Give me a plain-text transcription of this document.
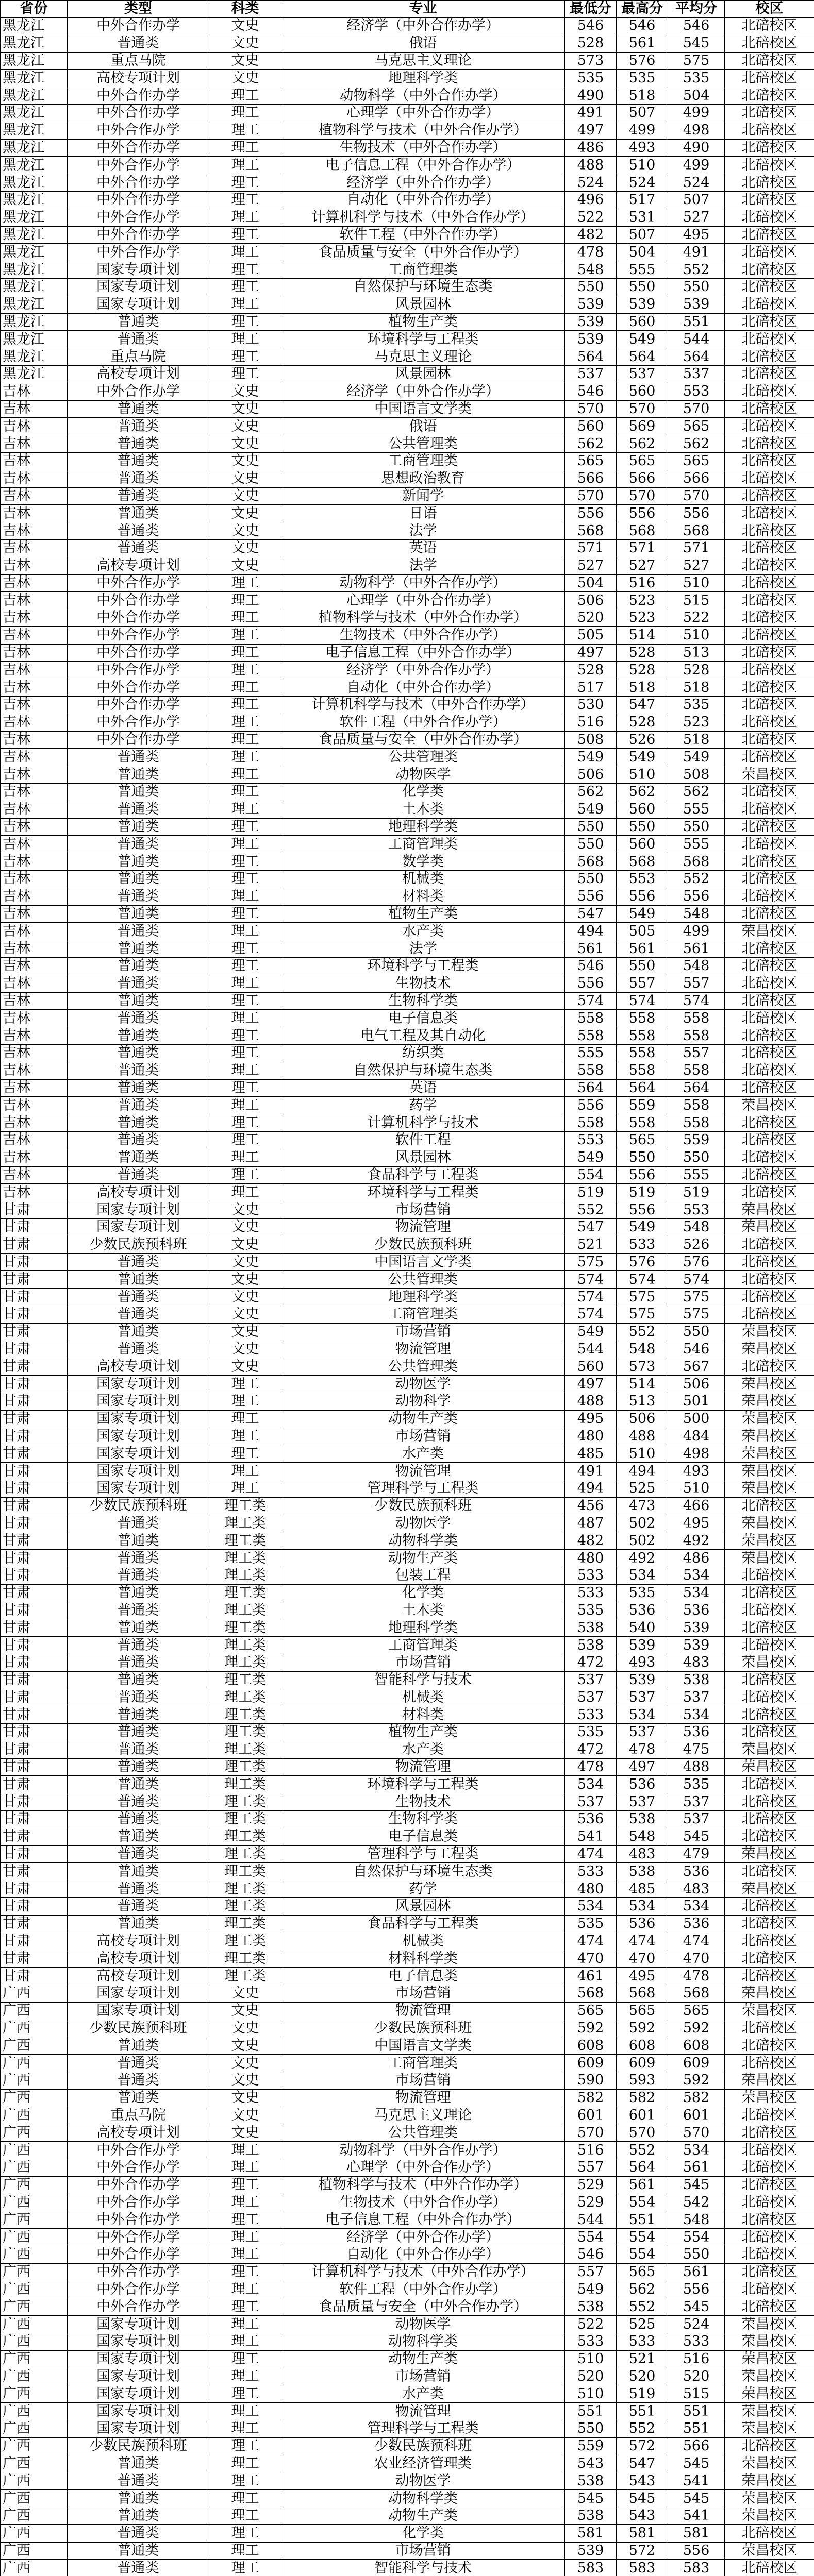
省份	类型	科类	专业	最低分	最高分	平均分	校区
黑龙江	中外合作办学	文史	经济学（中外合作办学）	546	546	546	北碚校区
黑龙江	普通类	文史	俄语	528	561	545	北碚校区
黑龙江	重点马院	文史	马克思主义理论	573	576	575	北碚校区
黑龙江	高校专项计划	文史	地理科学类	535	535	535	北碚校区
黑龙江	中外合作办学	理工	动物科学（中外合作办学）	490	518	504	北碚校区
黑龙江	中外合作办学	理工	心理学（中外合作办学）	491	507	499	北碚校区
黑龙江	中外合作办学	理工	植物科学与技术（中外合作办学）	497	499	498	北碚校区
黑龙江	中外合作办学	理工	生物技术（中外合作办学）	486	493	490	北碚校区
黑龙江	中外合作办学	理工	电子信息工程（中外合作办学）	488	510	499	北碚校区
黑龙江	中外合作办学	理工	经济学（中外合作办学）	524	524	524	北碚校区
黑龙江	中外合作办学	理工	自动化（中外合作办学）	496	517	507	北碚校区
黑龙江	中外合作办学	理工	计算机科学与技术（中外合作办学）	522	531	527	北碚校区
黑龙江	中外合作办学	理工	软件工程（中外合作办学）	482	507	495	北碚校区
黑龙江	中外合作办学	理工	食品质量与安全（中外合作办学）	478	504	491	北碚校区
黑龙江	国家专项计划	理工	工商管理类	548	555	552	北碚校区
黑龙江	国家专项计划	理工	自然保护与环境生态类	550	550	550	北碚校区
黑龙江	国家专项计划	理工	风景园林	539	539	539	北碚校区
黑龙江	普通类	理工	植物生产类	539	560	551	北碚校区
黑龙江	普通类	理工	环境科学与工程类	539	549	544	北碚校区
黑龙江	重点马院	理工	马克思主义理论	564	564	564	北碚校区
黑龙江	高校专项计划	理工	风景园林	537	537	537	北碚校区
吉林	中外合作办学	文史	经济学（中外合作办学）	546	560	553	北碚校区
吉林	普通类	文史	中国语言文学类	570	570	570	北碚校区
吉林	普通类	文史	俄语	560	569	565	北碚校区
吉林	普通类	文史	公共管理类	562	562	562	北碚校区
吉林	普通类	文史	工商管理类	565	565	565	北碚校区
吉林	普通类	文史	思想政治教育	566	566	566	北碚校区
吉林	普通类	文史	新闻学	570	570	570	北碚校区
吉林	普通类	文史	日语	556	556	556	北碚校区
吉林	普通类	文史	法学	568	568	568	北碚校区
吉林	普通类	文史	英语	571	571	571	北碚校区
吉林	高校专项计划	文史	法学	527	527	527	北碚校区
吉林	中外合作办学	理工	动物科学（中外合作办学）	504	516	510	北碚校区
吉林	中外合作办学	理工	心理学（中外合作办学）	506	523	515	北碚校区
吉林	中外合作办学	理工	植物科学与技术（中外合作办学）	520	523	522	北碚校区
吉林	中外合作办学	理工	生物技术（中外合作办学）	505	514	510	北碚校区
吉林	中外合作办学	理工	电子信息工程（中外合作办学）	497	528	513	北碚校区
吉林	中外合作办学	理工	经济学（中外合作办学）	528	528	528	北碚校区
吉林	中外合作办学	理工	自动化（中外合作办学）	517	518	518	北碚校区
吉林	中外合作办学	理工	计算机科学与技术（中外合作办学）	530	547	535	北碚校区
吉林	中外合作办学	理工	软件工程（中外合作办学）	516	528	523	北碚校区
吉林	中外合作办学	理工	食品质量与安全（中外合作办学）	508	526	518	北碚校区
吉林	普通类	理工	公共管理类	549	549	549	北碚校区
吉林	普通类	理工	动物医学	506	510	508	荣昌校区
吉林	普通类	理工	化学类	562	562	562	北碚校区
吉林	普通类	理工	土木类	549	560	555	北碚校区
吉林	普通类	理工	地理科学类	550	550	550	北碚校区
吉林	普通类	理工	工商管理类	550	560	555	北碚校区
吉林	普通类	理工	数学类	568	568	568	北碚校区
吉林	普通类	理工	机械类	550	553	552	北碚校区
吉林	普通类	理工	材料类	556	556	556	北碚校区
吉林	普通类	理工	植物生产类	547	549	548	北碚校区
吉林	普通类	理工	水产类	494	505	499	荣昌校区
吉林	普通类	理工	法学	561	561	561	北碚校区
吉林	普通类	理工	环境科学与工程类	546	550	548	北碚校区
吉林	普通类	理工	生物技术	556	557	557	北碚校区
吉林	普通类	理工	生物科学类	574	574	574	北碚校区
吉林	普通类	理工	电子信息类	558	558	558	北碚校区
吉林	普通类	理工	电气工程及其自动化	558	558	558	北碚校区
吉林	普通类	理工	纺织类	555	558	557	北碚校区
吉林	普通类	理工	自然保护与环境生态类	558	558	558	北碚校区
吉林	普通类	理工	英语	564	564	564	北碚校区
吉林	普通类	理工	药学	556	559	558	荣昌校区
吉林	普通类	理工	计算机科学与技术	558	558	558	北碚校区
吉林	普通类	理工	软件工程	553	565	559	北碚校区
吉林	普通类	理工	风景园林	549	550	550	北碚校区
吉林	普通类	理工	食品科学与工程类	554	556	555	北碚校区
吉林	高校专项计划	理工	环境科学与工程类	519	519	519	北碚校区
甘肃	国家专项计划	文史	市场营销	552	556	553	荣昌校区
甘肃	国家专项计划	文史	物流管理	547	549	548	荣昌校区
甘肃	少数民族预科班	文史	少数民族预科班	521	533	526	北碚校区
甘肃	普通类	文史	中国语言文学类	575	576	576	北碚校区
甘肃	普通类	文史	公共管理类	574	574	574	北碚校区
甘肃	普通类	文史	地理科学类	574	575	575	北碚校区
甘肃	普通类	文史	工商管理类	574	575	575	北碚校区
甘肃	普通类	文史	市场营销	549	552	550	荣昌校区
甘肃	普通类	文史	物流管理	544	548	546	荣昌校区
甘肃	高校专项计划	文史	公共管理类	560	573	567	北碚校区
甘肃	国家专项计划	理工	动物医学	497	514	506	荣昌校区
甘肃	国家专项计划	理工	动物科学	488	513	501	荣昌校区
甘肃	国家专项计划	理工	动物生产类	495	506	500	荣昌校区
甘肃	国家专项计划	理工	市场营销	480	488	484	荣昌校区
甘肃	国家专项计划	理工	水产类	485	510	498	荣昌校区
甘肃	国家专项计划	理工	物流管理	491	494	493	荣昌校区
甘肃	国家专项计划	理工	管理科学与工程类	494	525	510	荣昌校区
甘肃	少数民族预科班	理工类	少数民族预科班	456	473	466	北碚校区
甘肃	普通类	理工类	动物医学	487	502	495	荣昌校区
甘肃	普通类	理工类	动物科学类	482	502	492	荣昌校区
甘肃	普通类	理工类	动物生产类	480	492	486	荣昌校区
甘肃	普通类	理工类	包装工程	533	534	534	北碚校区
甘肃	普通类	理工类	化学类	533	535	534	北碚校区
甘肃	普通类	理工类	土木类	535	536	536	北碚校区
甘肃	普通类	理工类	地理科学类	538	540	539	北碚校区
甘肃	普通类	理工类	工商管理类	538	539	539	北碚校区
甘肃	普通类	理工类	市场营销	472	493	483	荣昌校区
甘肃	普通类	理工类	智能科学与技术	537	539	538	北碚校区
甘肃	普通类	理工类	机械类	537	537	537	北碚校区
甘肃	普通类	理工类	材料类	533	534	534	北碚校区
甘肃	普通类	理工类	植物生产类	535	537	536	北碚校区
甘肃	普通类	理工类	水产类	472	478	475	荣昌校区
甘肃	普通类	理工类	物流管理	478	497	488	荣昌校区
甘肃	普通类	理工类	环境科学与工程类	534	536	535	北碚校区
甘肃	普通类	理工类	生物技术	537	537	537	北碚校区
甘肃	普通类	理工类	生物科学类	536	538	537	北碚校区
甘肃	普通类	理工类	电子信息类	541	548	545	北碚校区
甘肃	普通类	理工类	管理科学与工程类	474	483	479	荣昌校区
甘肃	普通类	理工类	自然保护与环境生态类	533	538	536	北碚校区
甘肃	普通类	理工类	药学	480	485	483	荣昌校区
甘肃	普通类	理工类	风景园林	534	534	534	北碚校区
甘肃	普通类	理工类	食品科学与工程类	535	536	536	北碚校区
甘肃	高校专项计划	理工类	机械类	474	474	474	北碚校区
甘肃	高校专项计划	理工类	材料科学类	470	470	470	北碚校区
甘肃	高校专项计划	理工类	电子信息类	461	495	478	北碚校区
广西	国家专项计划	文史	市场营销	568	568	568	荣昌校区
广西	国家专项计划	文史	物流管理	565	565	565	荣昌校区
广西	少数民族预科班	文史	少数民族预科班	592	592	592	北碚校区
广西	普通类	文史	中国语言文学类	608	608	608	北碚校区
广西	普通类	文史	工商管理类	609	609	609	北碚校区
广西	普通类	文史	市场营销	590	593	592	荣昌校区
广西	普通类	文史	物流管理	582	582	582	荣昌校区
广西	重点马院	文史	马克思主义理论	601	601	601	北碚校区
广西	高校专项计划	文史	公共管理类	570	570	570	北碚校区
广西	中外合作办学	理工	动物科学（中外合作办学）	516	552	534	北碚校区
广西	中外合作办学	理工	心理学（中外合作办学）	557	564	561	北碚校区
广西	中外合作办学	理工	植物科学与技术（中外合作办学）	529	561	545	北碚校区
广西	中外合作办学	理工	生物技术（中外合作办学）	529	554	542	北碚校区
广西	中外合作办学	理工	电子信息工程（中外合作办学）	544	551	548	北碚校区
广西	中外合作办学	理工	经济学（中外合作办学）	554	554	554	北碚校区
广西	中外合作办学	理工	自动化（中外合作办学）	546	554	550	北碚校区
广西	中外合作办学	理工	计算机科学与技术（中外合作办学）	557	565	561	北碚校区
广西	中外合作办学	理工	软件工程（中外合作办学）	549	562	556	北碚校区
广西	中外合作办学	理工	食品质量与安全（中外合作办学）	538	552	545	北碚校区
广西	国家专项计划	理工	动物医学	522	525	524	荣昌校区
广西	国家专项计划	理工	动物科学类	533	533	533	荣昌校区
广西	国家专项计划	理工	动物生产类	510	521	516	荣昌校区
广西	国家专项计划	理工	市场营销	520	520	520	荣昌校区
广西	国家专项计划	理工	水产类	510	519	515	荣昌校区
广西	国家专项计划	理工	物流管理	551	551	551	荣昌校区
广西	国家专项计划	理工	管理科学与工程类	550	552	551	荣昌校区
广西	少数民族预科班	理工	少数民族预科班	559	572	566	北碚校区
广西	普通类	理工	农业经济管理类	543	547	545	荣昌校区
广西	普通类	理工	动物医学	538	543	541	荣昌校区
广西	普通类	理工	动物科学类	545	545	545	荣昌校区
广西	普通类	理工	动物生产类	538	543	541	荣昌校区
广西	普通类	理工	化学类	581	581	581	北碚校区
广西	普通类	理工	市场营销	539	572	556	荣昌校区
广西	普通类	理工	智能科学与技术	583	583	583	北碚校区
